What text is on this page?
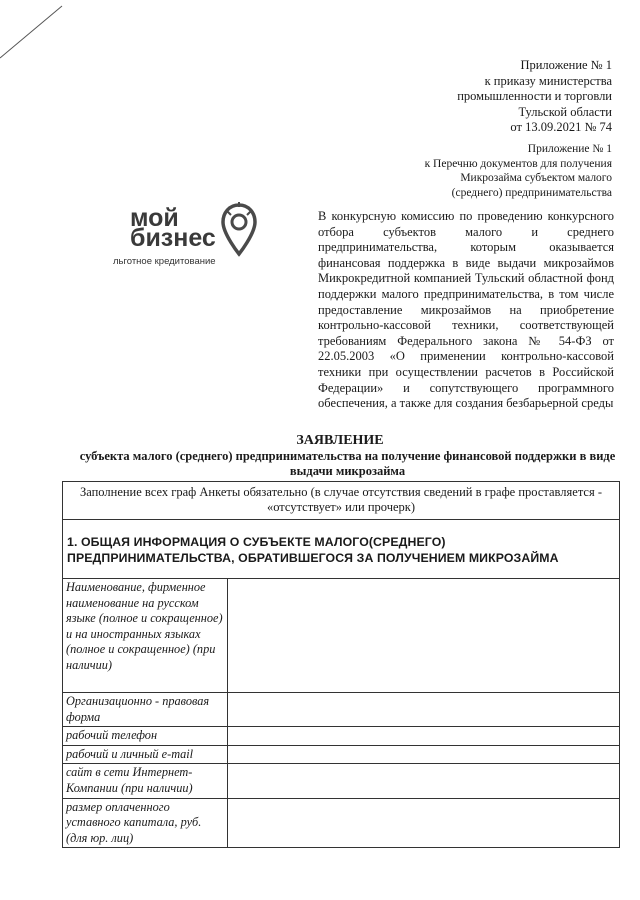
Приложение № 1
к приказу министерства
промышленности и торговли
Тульской области
от 13.09.2021 № 74
Приложение № 1
к Перечню документов для получения
Микрозайма субъектом малого
(среднего) предпринимательства
мой
бизнес
льготное кредитование
В конкурсную комиссию по проведению конкурсного отбора субъектов малого и среднего предпринимательства, которым оказывается финансовая поддержка в виде выдачи микрозаймов Микрокредитной компанией Тульский областной фонд поддержки малого предпринимательства, в том числе предоставление микрозаймов на приобретение контрольно-кассовой техники, соответствующей требованиям Федерального закона № 54-ФЗ от 22.05.2003 «О применении контрольно-кассовой техники при осуществлении расчетов в Российской Федерации» и сопутствующего программного обеспечения, а также для создания безбарьерной среды
ЗАЯВЛЕНИЕ
субъекта малого (среднего) предпринимательства на получение финансовой поддержки в виде выдачи микрозайма
Заполнение всех граф Анкеты обязательно (в случае отсутствия сведений в графе проставляется - «отсутствует» или прочерк)
1. ОБЩАЯ ИНФОРМАЦИЯ О СУБЪЕКТЕ МАЛОГО(СРЕДНЕГО) ПРЕДПРИНИМАТЕЛЬСТВА, ОБРАТИВШЕГОСЯ ЗА ПОЛУЧЕНИЕМ МИКРОЗАЙМА
Наименование, фирменное наименование на русском языке (полное и сокращенное) и на иностранных языках (полное и сокращенное) (при наличии)	
Организационно - правовая форма	
рабочий телефон	
рабочий и личный e-mail	
сайт в сети Интернет-Компании (при наличии)	
размер оплаченного уставного капитала, руб. (для юр. лиц)	
